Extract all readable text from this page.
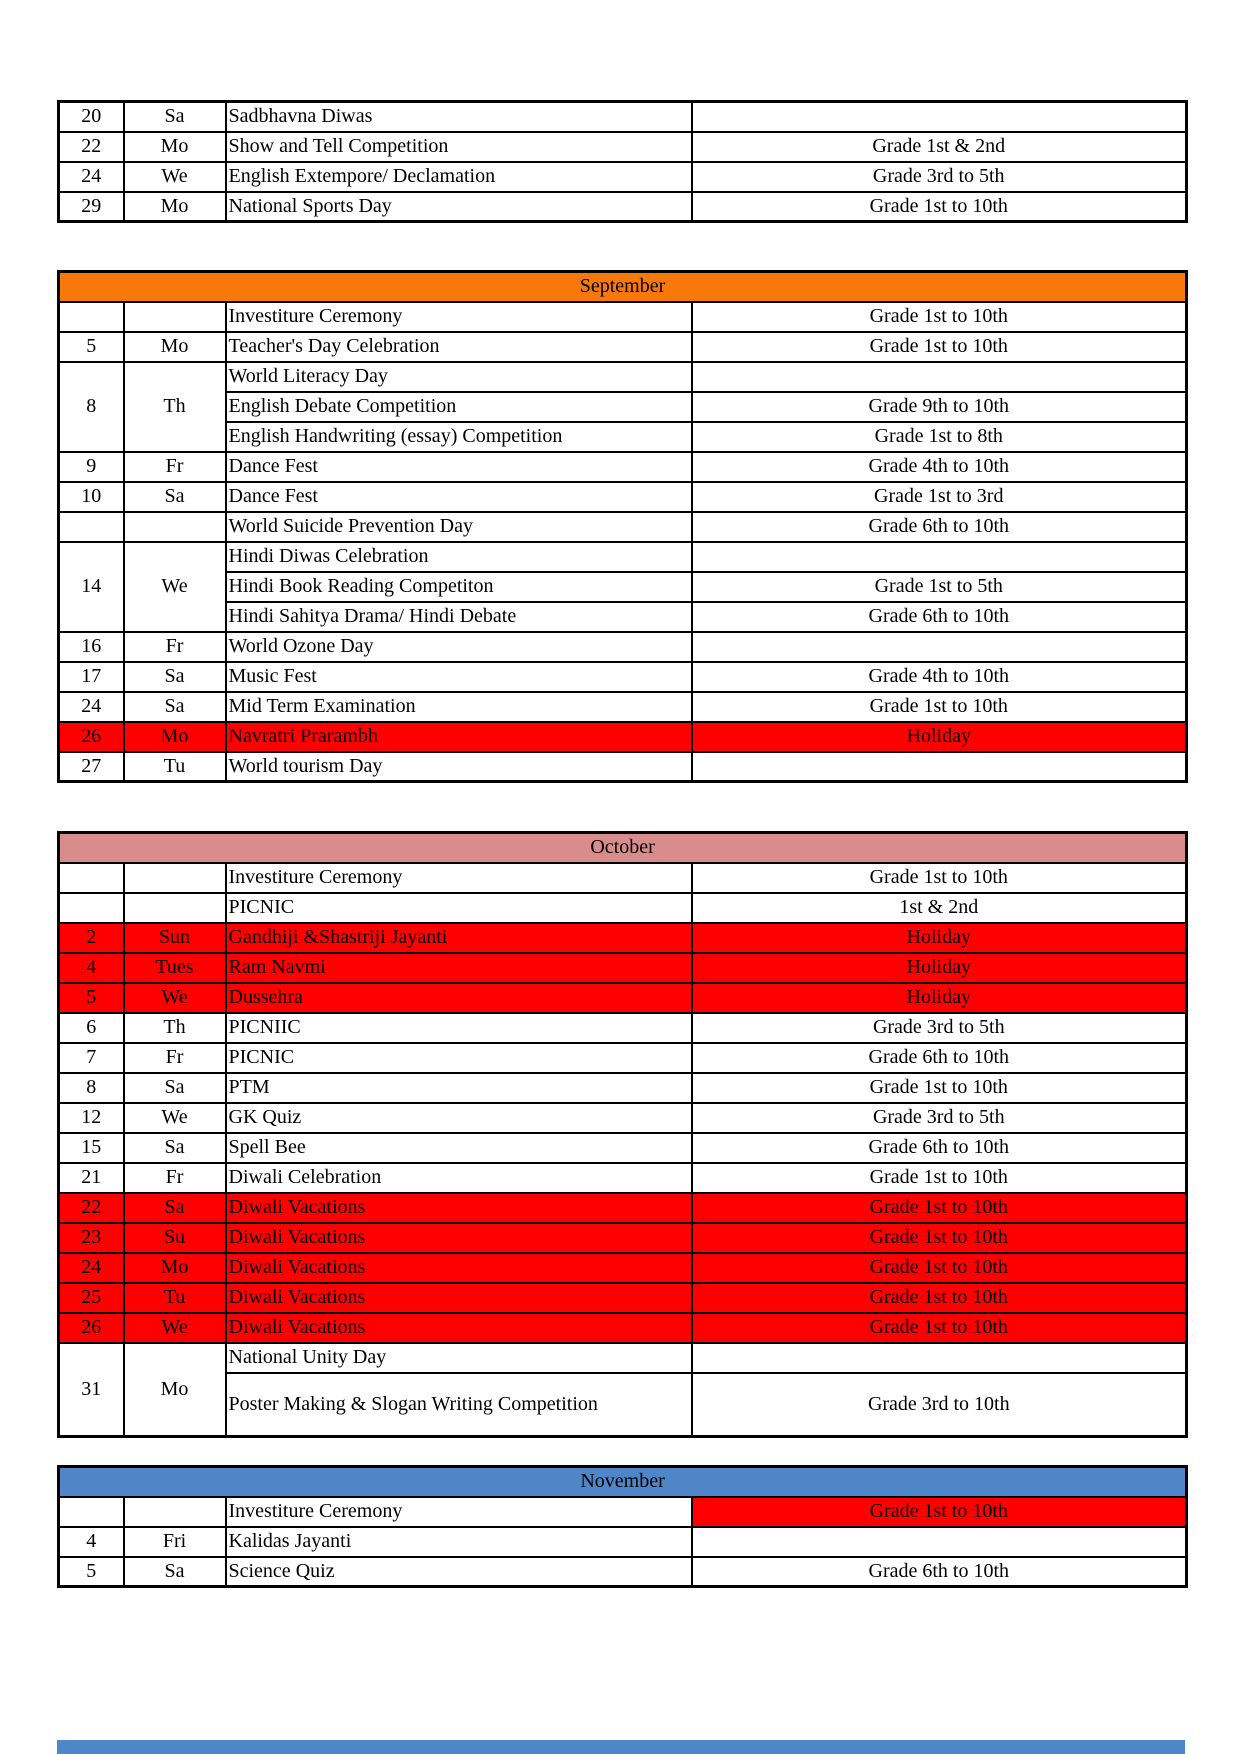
20	Sa	Sadbhavna Diwas	
22	Mo	Show and Tell Competition	Grade 1st & 2nd
24	We	English Extempore/ Declamation	Grade 3rd to 5th
29	Mo	National Sports Day	Grade 1st to 10th
September			
		Investiture Ceremony	Grade 1st to 10th
5	Mo	Teacher's Day Celebration	Grade 1st to 10th
8	Th	World Literacy Day	
		English Debate Competition	Grade 9th to 10th
		English Handwriting (essay) Competition	Grade 1st to 8th
9	Fr	Dance Fest	Grade 4th to 10th
10	Sa	Dance Fest	Grade 1st to 3rd
		World Suicide Prevention Day	Grade 6th to 10th
14	We	Hindi Diwas Celebration	
		Hindi Book Reading Competiton	Grade 1st to 5th
		Hindi Sahitya Drama/ Hindi Debate	Grade 6th to 10th
16	Fr	World Ozone Day	
17	Sa	Music Fest	Grade 4th to 10th
24	Sa	Mid Term Examination	Grade 1st to 10th
26	Mo	Navratri Prarambh	Holiday
27	Tu	World tourism Day	
October			
		Investiture Ceremony	Grade 1st to 10th
		PICNIC	1st & 2nd
2	Sun	Gandhiji &Shastriji Jayanti	Holiday
4	Tues	Ram Navmi	Holiday
5	We	Dussehra	Holiday
6	Th	PICNIIC	Grade 3rd to 5th
7	Fr	PICNIC	Grade 6th to 10th
8	Sa	PTM	Grade 1st to 10th
12	We	GK Quiz	Grade 3rd to 5th
15	Sa	Spell Bee	Grade 6th to 10th
21	Fr	Diwali Celebration	Grade 1st to 10th
22	Sa	Diwali Vacations	Grade 1st to 10th
23	Su	Diwali Vacations	Grade 1st to 10th
24	Mo	Diwali Vacations	Grade 1st to 10th
25	Tu	Diwali Vacations	Grade 1st to 10th
26	We	Diwali Vacations	Grade 1st to 10th
31	Mo	National Unity Day	
		Poster Making & Slogan Writing Competition	Grade 3rd to 10th
November			
		Investiture Ceremony	Grade 1st to 10th
4	Fri	Kalidas Jayanti	
5	Sa	Science Quiz	Grade 6th to 10th
